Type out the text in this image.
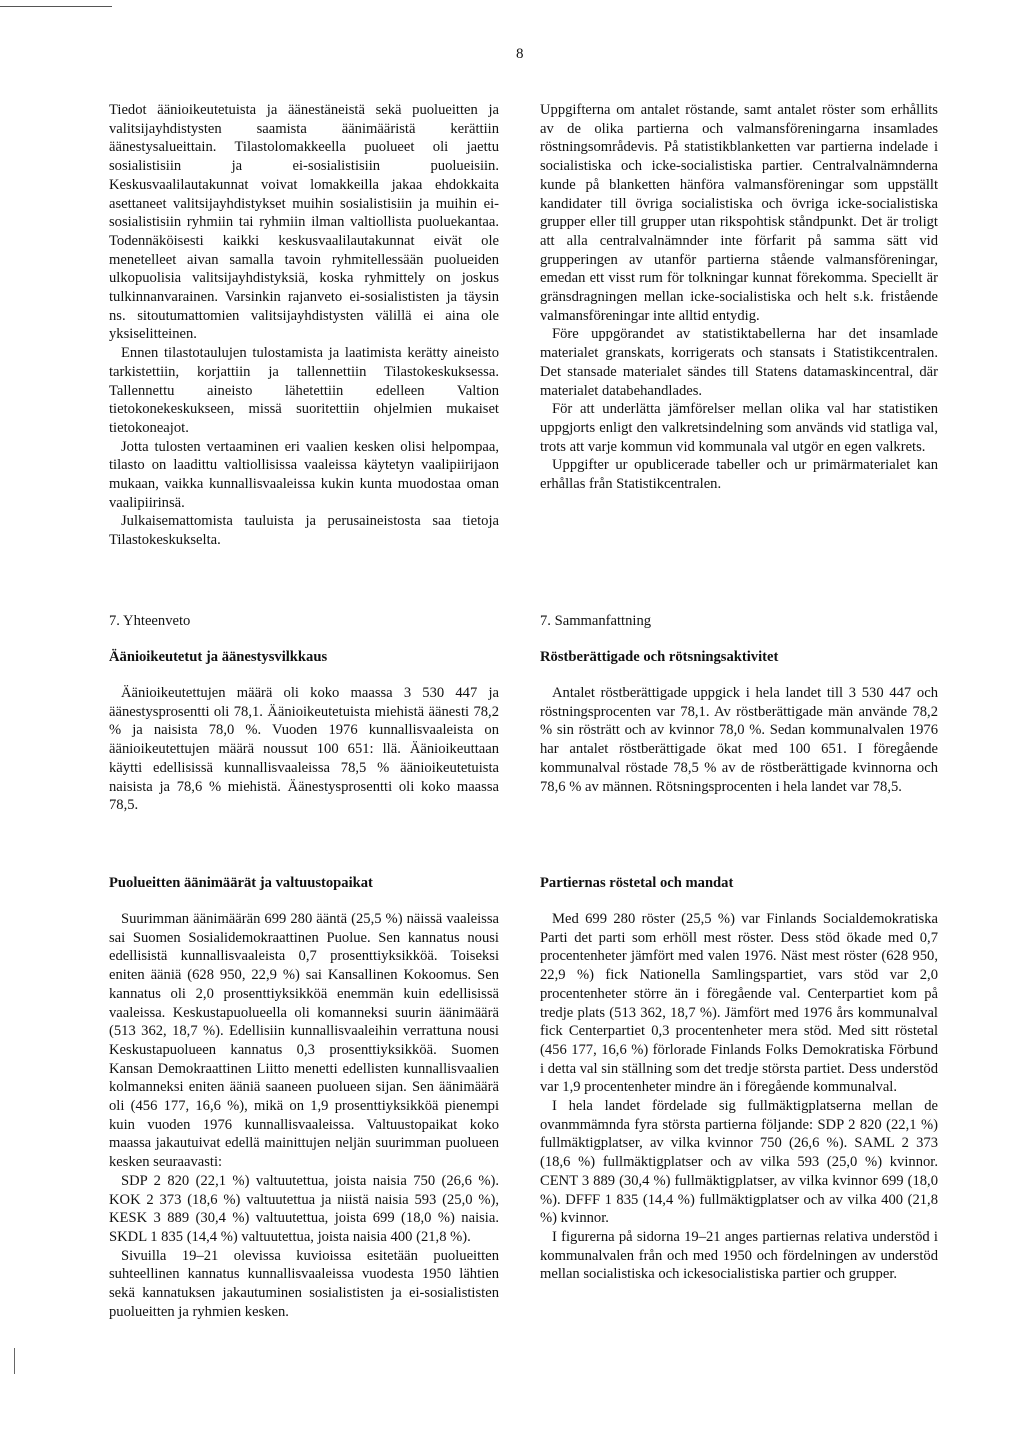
8

Tiedot äänioikeutetuista ja äänestäneistä sekä puolueitten ja valitsijayhdistysten saamista äänimääristä kerättiin äänestysalueittain. Tilastolomakkeella puolueet oli jaettu sosialistisiin ja ei-sosialistisiin puolueisiin. Keskusvaalilautakunnat voivat lomakkeilla jakaa ehdokkaita asettaneet valitsijayhdistykset muihin sosialistisiin ja muihin ei-sosialistisiin ryhmiin tai ryhmiin ilman valtiollista puoluekantaa. Todennäköisesti kaikki keskusvaalilautakunnat eivät ole menetelleet aivan samalla tavoin ryhmitellessään puolueiden ulkopuolisia valitsijayhdistyksiä, koska ryhmittely on joskus tulkinnanvarainen. Varsinkin rajanveto ei-sosialististen ja täysin ns. sitoutumattomien valitsijayhdistysten välillä ei aina ole yksiselitteinen.

Ennen tilastotaulujen tulostamista ja laatimista kerätty aineisto tarkistettiin, korjattiin ja tallennettiin Tilastokeskuksessa. Tallennettu aineisto lähetettiin edelleen Valtion tietokonekeskukseen, missä suoritettiin ohjelmien mukaiset tietokoneajot.

Jotta tulosten vertaaminen eri vaalien kesken olisi helpompaa, tilasto on laadittu valtiollisissa vaaleissa käytetyn vaalipiirijaon mukaan, vaikka kunnallisvaaleissa kukin kunta muodostaa oman vaalipiirinsä.

Julkaisemattomista tauluista ja perusaineistosta saa tietoja Tilastokeskukselta.

Uppgifterna om antalet röstande, samt antalet röster som erhållits av de olika partierna och valmansföreningarna insamlades röstningsområdevis. På statistikblanketten var partierna indelade i socialistiska och icke-socialistiska partier. Centralvalnämnderna kunde på blanketten hänföra valmansföreningar som uppställt kandidater till övriga socialistiska och övriga icke-socialistiska grupper eller till grupper utan rikspohtisk ståndpunkt. Det är troligt att alla centralvalnämnder inte förfarit på samma sätt vid grupperingen av utanför partierna stående valmansföreningar, emedan ett visst rum för tolkningar kunnat förekomma. Speciellt är gränsdragningen mellan icke-socialistiska och helt s.k. fristående valmansföreningar inte alltid entydig.

Före uppgörandet av statistiktabellerna har det insamlade materialet granskats, korrigerats och stansats i Statistikcentralen. Det stansade materialet sändes till Statens datamaskincentral, där materialet databehandlades.

För att underlätta jämförelser mellan olika val har statistiken uppgjorts enligt den valkretsindelning som används vid statliga val, trots att varje kommun vid kommunala val utgör en egen valkrets.

Uppgifter ur opublicerade tabeller och ur primärmaterialet kan erhållas från Statistikcentralen.

7. Yhteenveto	7. Sammanfattning
Äänioikeutetut ja äänestysvilkkaus	Röstberättigade och rötsningsaktivitet

Äänioikeutettujen määrä oli koko maassa 3 530 447 ja äänestysprosentti oli 78,1. Äänioikeutetuista miehistä äänesti 78,2 % ja naisista 78,0 %. Vuoden 1976 kunnallisvaaleista on äänioikeutettujen määrä noussut 100 651: llä. Äänioikeuttaan käytti edellisissä kunnallisvaaleissa 78,5 % äänioikeutetuista naisista ja 78,6 % miehistä. Äänestysprosentti oli koko maassa 78,5.

Antalet röstberättigade uppgick i hela landet till 3 530 447 och röstningsprocenten var 78,1. Av röstberättigade män använde 78,2 % sin rösträtt och av kvinnor 78,0 %. Sedan kommunalvalen 1976 har antalet röstberättigade ökat med 100 651. I föregående kommunalval röstade 78,5 % av de röstberättigade kvinnorna och 78,6 % av männen. Rötsningsprocenten i hela landet var 78,5.

Puolueitten äänimäärät ja valtuustopaikat	Partiernas röstetal och mandat

Suurimman äänimäärän 699 280 ääntä (25,5 %) näissä vaaleissa sai Suomen Sosialidemokraattinen Puolue. Sen kannatus nousi edellisistä kunnallisvaaleista 0,7 prosenttiyksikköä. Toiseksi eniten ääniä (628 950, 22,9 %) sai Kansallinen Kokoomus. Sen kannatus oli 2,0 prosenttiyksikköä enemmän kuin edellisissä vaaleissa. Keskustapuolueella oli komanneksi suurin äänimäärä (513 362, 18,7 %). Edellisiin kunnallisvaaleihin verrattuna nousi Keskustapuolueen kannatus 0,3 prosenttiyksikköä. Suomen Kansan Demokraattinen Liitto menetti edellisten kunnallisvaalien kolmanneksi eniten ääniä saaneen puolueen sijan. Sen äänimäärä oli (456 177, 16,6 %), mikä on 1,9 prosenttiyksikköä pienempi kuin vuoden 1976 kunnallisvaaleissa. Valtuustopaikat koko maassa jakautuivat edellä mainittujen neljän suurimman puolueen kesken seuraavasti:

SDP 2 820 (22,1 %) valtuutettua, joista naisia 750 (26,6 %). KOK 2 373 (18,6 %) valtuutettua ja niistä naisia 593 (25,0 %), KESK 3 889 (30,4 %) valtuutettua, joista 699 (18,0 %) naisia. SKDL 1 835 (14,4 %) valtuutettua, joista naisia 400 (21,8 %).

Sivuilla 19–21 olevissa kuvioissa esitetään puolueitten suhteellinen kannatus kunnallisvaaleissa vuodesta 1950 lähtien sekä kannatuksen jakautuminen sosialististen ja ei-sosialististen puolueitten ja ryhmien kesken.

Med 699 280 röster (25,5 %) var Finlands Socialdemokratiska Parti det parti som erhöll mest röster. Dess stöd ökade med 0,7 procentenheter jämfört med valen 1976. Näst mest röster (628 950, 22,9 %) fick Nationella Samlingspartiet, vars stöd var 2,0 procentenheter större än i föregående val. Centerpartiet kom på tredje plats (513 362, 18,7 %). Jämfört med 1976 års kommunalval fick Centerpartiet 0,3 procentenheter mera stöd. Med sitt röstetal (456 177, 16,6 %) förlorade Finlands Folks Demokratiska Förbund i detta val sin ställning som det tredje största partiet. Dess understöd var 1,9 procentenheter mindre än i föregående kommunalval.

I hela landet fördelade sig fullmäktigplatserna mellan de ovanmmämnda fyra största partierna följande: SDP 2 820 (22,1 %) fullmäktigplatser, av vilka kvinnor 750 (26,6 %). SAML 2 373 (18,6 %) fullmäktigplatser och av vilka 593 (25,0 %) kvinnor. CENT 3 889 (30,4 %) fullmäktigplatser, av vilka kvinnor 699 (18,0 %). DFFF 1 835 (14,4 %) fullmäktigplatser och av vilka 400 (21,8 %) kvinnor.

I figurerna på sidorna 19–21 anges partiernas relativa understöd i kommunalvalen från och med 1950 och fördelningen av understöd mellan socialistiska och ickesocialistiska partier och grupper.
